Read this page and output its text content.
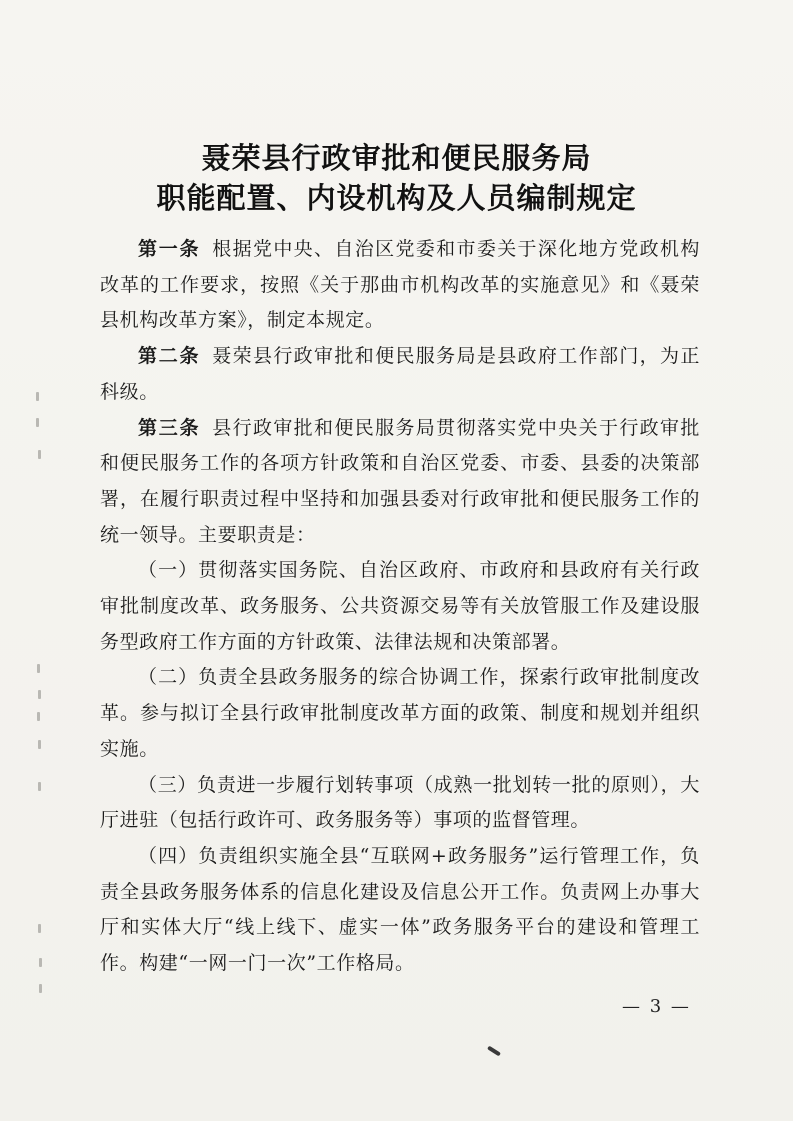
聂荣县行政审批和便民服务局
职能配置、内设机构及人员编制规定

第一条 根据党中央、自治区党委和市委关于深化地方党政机构改革的工作要求，按照《关于那曲市机构改革的实施意见》和《聂荣县机构改革方案》，制定本规定。

第二条 聂荣县行政审批和便民服务局是县政府工作部门，为正科级。

第三条 县行政审批和便民服务局贯彻落实党中央关于行政审批和便民服务工作的各项方针政策和自治区党委、市委、县委的决策部署，在履行职责过程中坚持和加强县委对行政审批和便民服务工作的统一领导。主要职责是：

（一）贯彻落实国务院、自治区政府、市政府和县政府有关行政审批制度改革、政务服务、公共资源交易等有关放管服工作及建设服务型政府工作方面的方针政策、法律法规和决策部署。

（二）负责全县政务服务的综合协调工作，探索行政审批制度改革。参与拟订全县行政审批制度改革方面的政策、制度和规划并组织实施。

（三）负责进一步履行划转事项（成熟一批划转一批的原则），大厅进驻（包括行政许可、政务服务等）事项的监督管理。

（四）负责组织实施全县“互联网+政务服务”运行管理工作，负责全县政务服务体系的信息化建设及信息公开工作。负责网上办事大厅和实体大厅“线上线下、虚实一体”政务服务平台的建设和管理工作。构建“一网一门一次”工作格局。

— 3 —
